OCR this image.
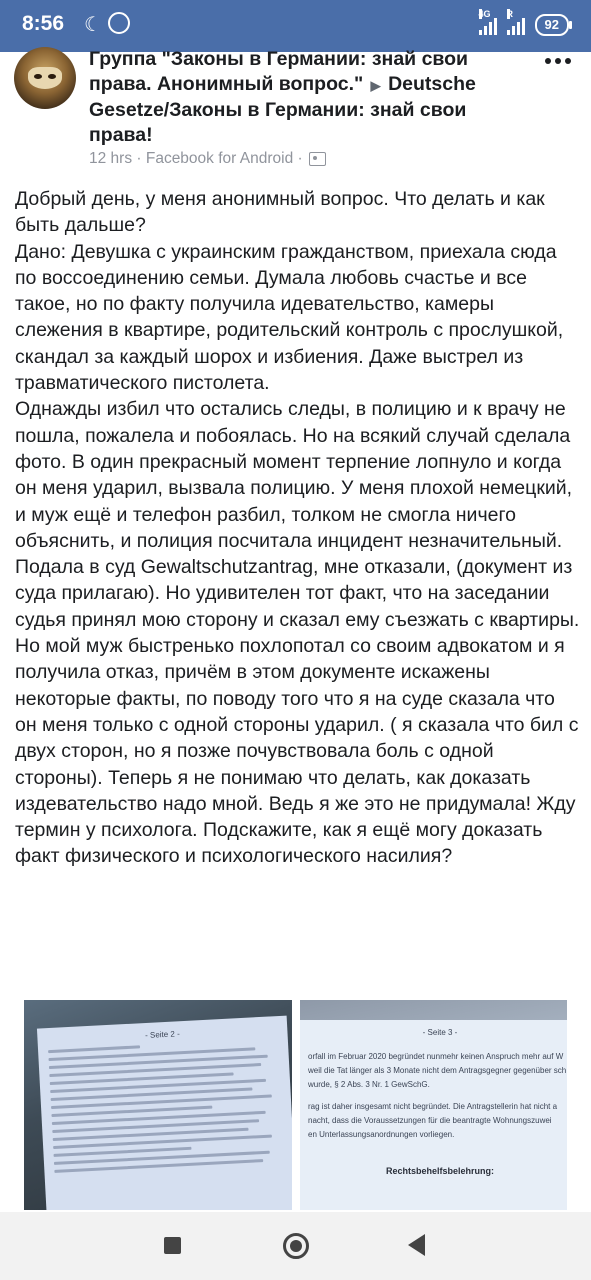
8:56 ☾	4G R
92
Группа "Законы в Германии: знай свои права. Анонимный вопрос." ▶ Deutsche Gesetze/Законы в Германии: знай свои права!
12 hrs · Facebook for Android ·
Добрый день, у меня анонимный вопрос. Что делать и как быть дальше?
Дано: Девушка с украинским гражданством, приехала сюда по воссоединению семьи. Думала любовь счастье и все такое, но по факту получила идевательство, камеры слежения в квартире, родительский контроль с прослушкой, скандал за каждый шорох и избиения. Даже выстрел из травматического пистолета.
Однажды избил что остались следы, в полицию и к врачу не пошла, пожалела и побоялась. Но на всякий случай сделала фото. В один прекрасный момент терпение лопнуло и когда он меня ударил, вызвала полицию. У меня плохой немецкий, и муж ещё и телефон разбил, толком не смогла ничего объяснить, и полиция посчитала инцидент незначительный. Подала в суд Gewaltschutzantrag, мне отказали, (документ из суда прилагаю). Но удивителен тот факт, что на заседании судья принял мою сторону и сказал ему съезжать с квартиры. Но мой муж быстренько похлопотал со своим адвокатом и я получила отказ, причём в этом документе искажены некоторые факты, по поводу того что я на суде сказала что он меня только с одной стороны ударил. ( я сказала что бил с двух сторон, но я позже почувствовала боль с одной стороны). Теперь я не понимаю что делать, как доказать издевательство надо мной. Ведь я же это не придумала! Жду термин у психолога. Подскажите, как я ещё могу доказать факт физического и психологического насилия?
- Seite 2 -	- Seite 3 -
orfall im Februar 2020 begründet nunmehr keinen Anspruch mehr auf W
weil die Tat länger als 3 Monate nicht dem Antragsgegner gegenüber sch
wurde, § 2 Abs. 3 Nr. 1 GewSchG.
rag ist daher insgesamt nicht begründet. Die Antragstellerin hat nicht a
nacht, dass die Voraussetzungen für die beantragte Wohnungszuwei
en Unterlassungsanordnungen vorliegen.
Rechtsbehelfsbelehrung:
